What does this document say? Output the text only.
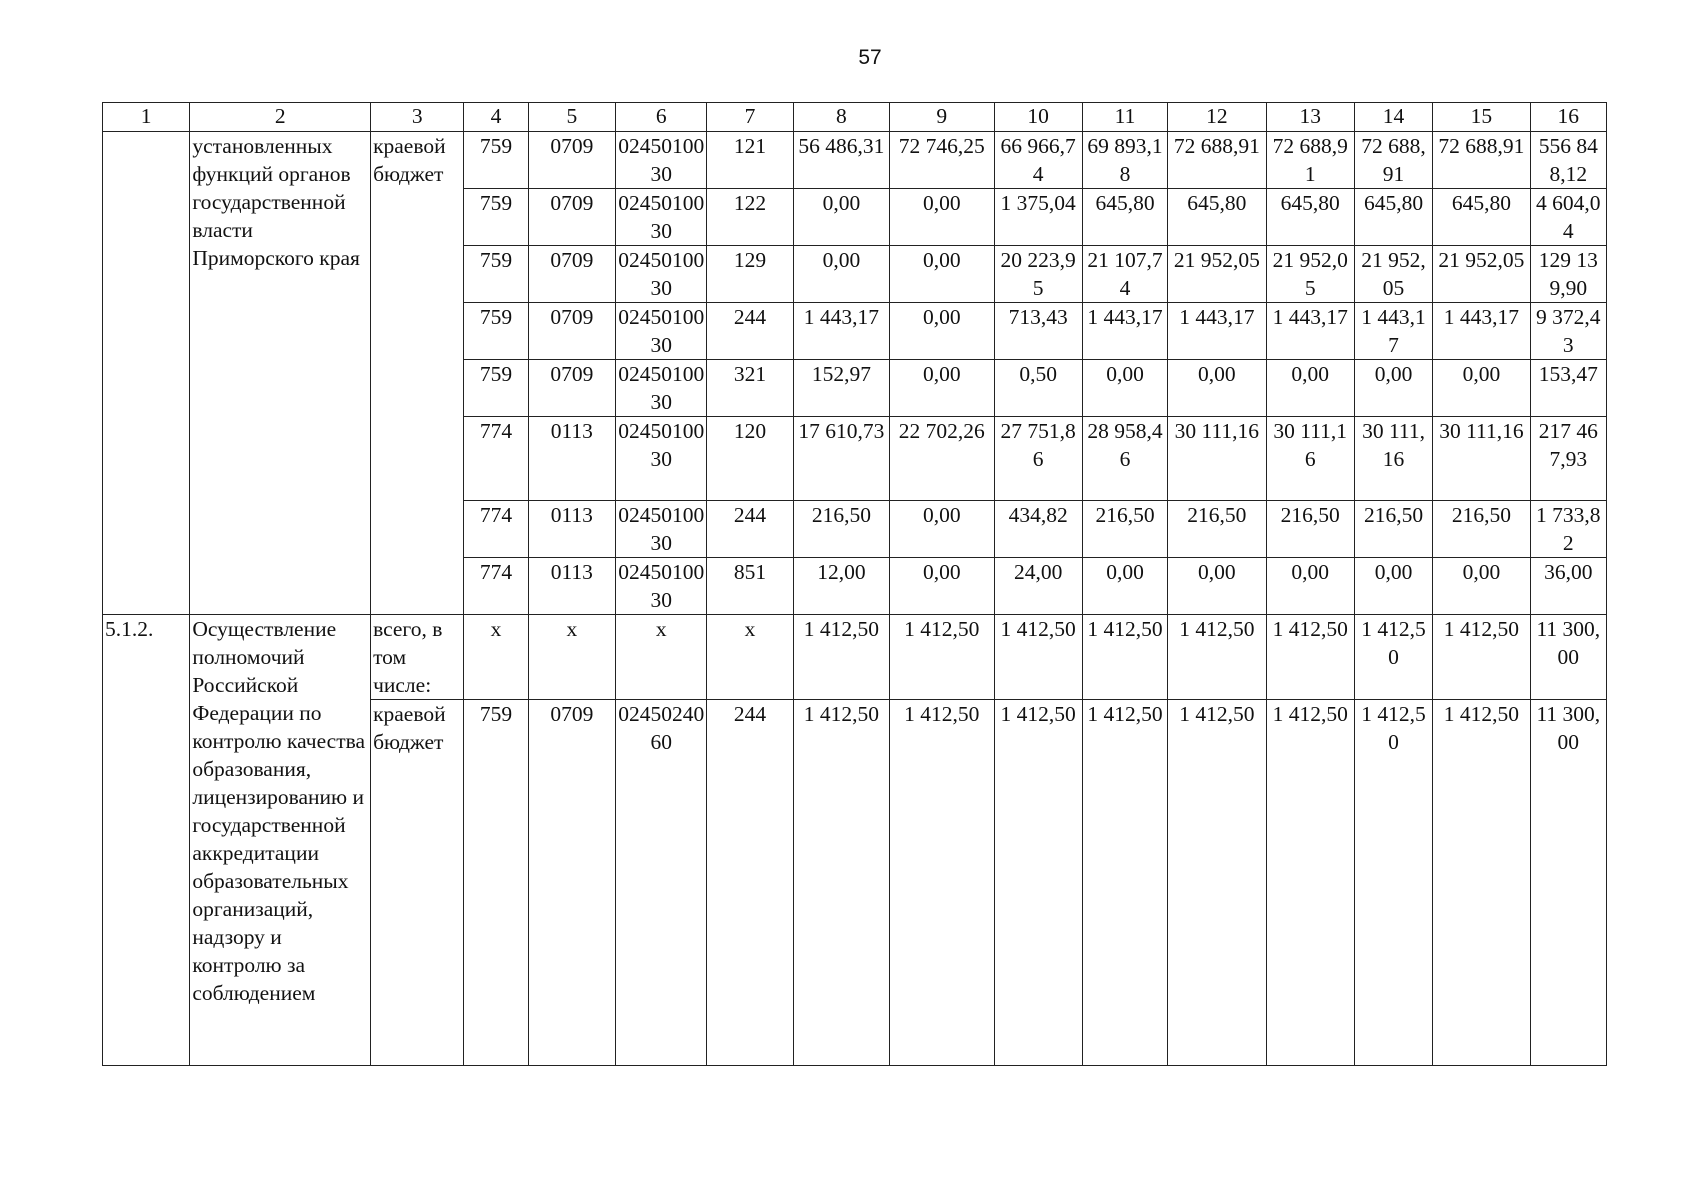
57
1	2	3	4	5	6	7	8	9	10	11	12	13	14	15	16
	установленных функций органов государственной власти Приморского края	краевой бюджет	759	0709	0245010030	121	56 486,31	72 746,25	66 966,74	69 893,18	72 688,91	72 688,91	72 688,91	72 688,91	556 848,12
			759	0709	0245010030	122	0,00	0,00	1 375,04	645,80	645,80	645,80	645,80	645,80	4 604,04
			759	0709	0245010030	129	0,00	0,00	20 223,95	21 107,74	21 952,05	21 952,05	21 952,05	21 952,05	129 139,90
			759	0709	0245010030	244	1 443,17	0,00	713,43	1 443,17	1 443,17	1 443,17	1 443,17	1 443,17	9 372,43
			759	0709	0245010030	321	152,97	0,00	0,50	0,00	0,00	0,00	0,00	0,00	153,47
			774	0113	0245010030	120	17 610,73	22 702,26	27 751,86	28 958,46	30 111,16	30 111,16	30 111,16	30 111,16	217 467,93
			774	0113	0245010030	244	216,50	0,00	434,82	216,50	216,50	216,50	216,50	216,50	1 733,82
			774	0113	0245010030	851	12,00	0,00	24,00	0,00	0,00	0,00	0,00	0,00	36,00
5.1.2.	Осуществление полномочий Российской Федерации по контролю качества образования, лицензированию и государственной аккредитации образовательных организаций, надзору и контролю за соблюдением	всего, в том числе:	x	x	x	x	1 412,50	1 412,50	1 412,50	1 412,50	1 412,50	1 412,50	1 412,50	1 412,50	11 300,00
		краевой бюджет	759	0709	0245024060	244	1 412,50	1 412,50	1 412,50	1 412,50	1 412,50	1 412,50	1 412,50	1 412,50	11 300,00
